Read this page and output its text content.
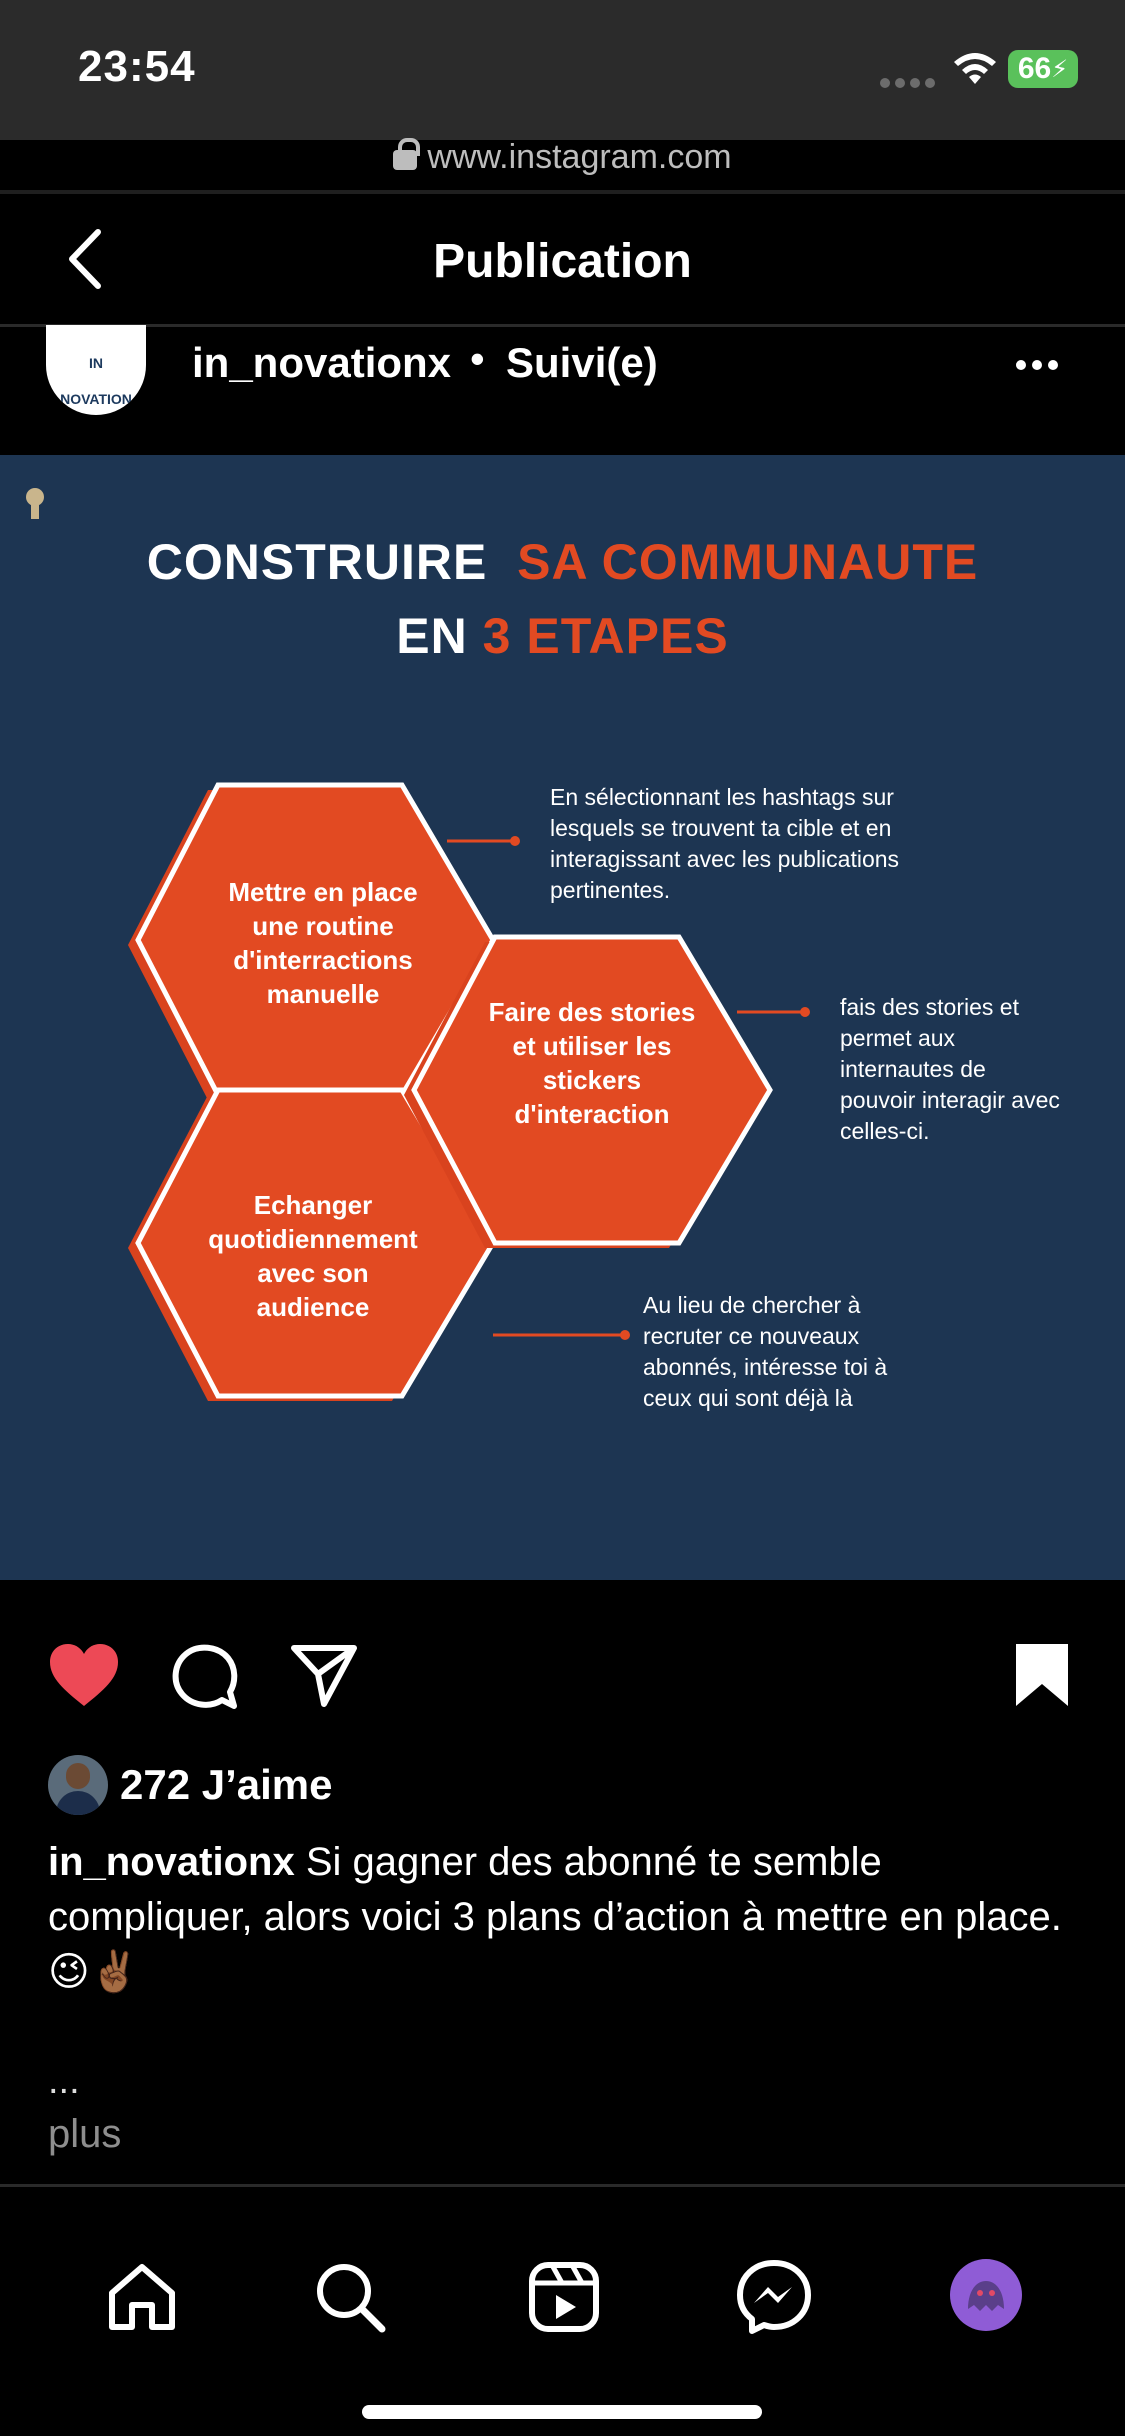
23:54	66 ⚡
www.instagram.com
Publication
IN NOVATION
in_novationx • Suivi(e)
CONSTRUIRE SA COMMUNAUTE
EN 3 ETAPES
Mettre en place une routine d'interractions manuelle
Faire des stories et utiliser les stickers d'interaction
Echanger quotidiennement avec son audience
En sélectionnant les hashtags sur lesquels se trouvent ta cible et en interagissant avec les publications pertinentes.
fais des stories et permet aux internautes de pouvoir interagir avec celles-ci.
Au lieu de chercher à recruter ce nouveaux abonnés, intéresse toi à ceux qui sont déjà là
272 J’aime
in_novationx Si gagner des abonné te semble compliquer, alors voici 3 plans d’action à mettre en place.😉✌🏾
...
plus
